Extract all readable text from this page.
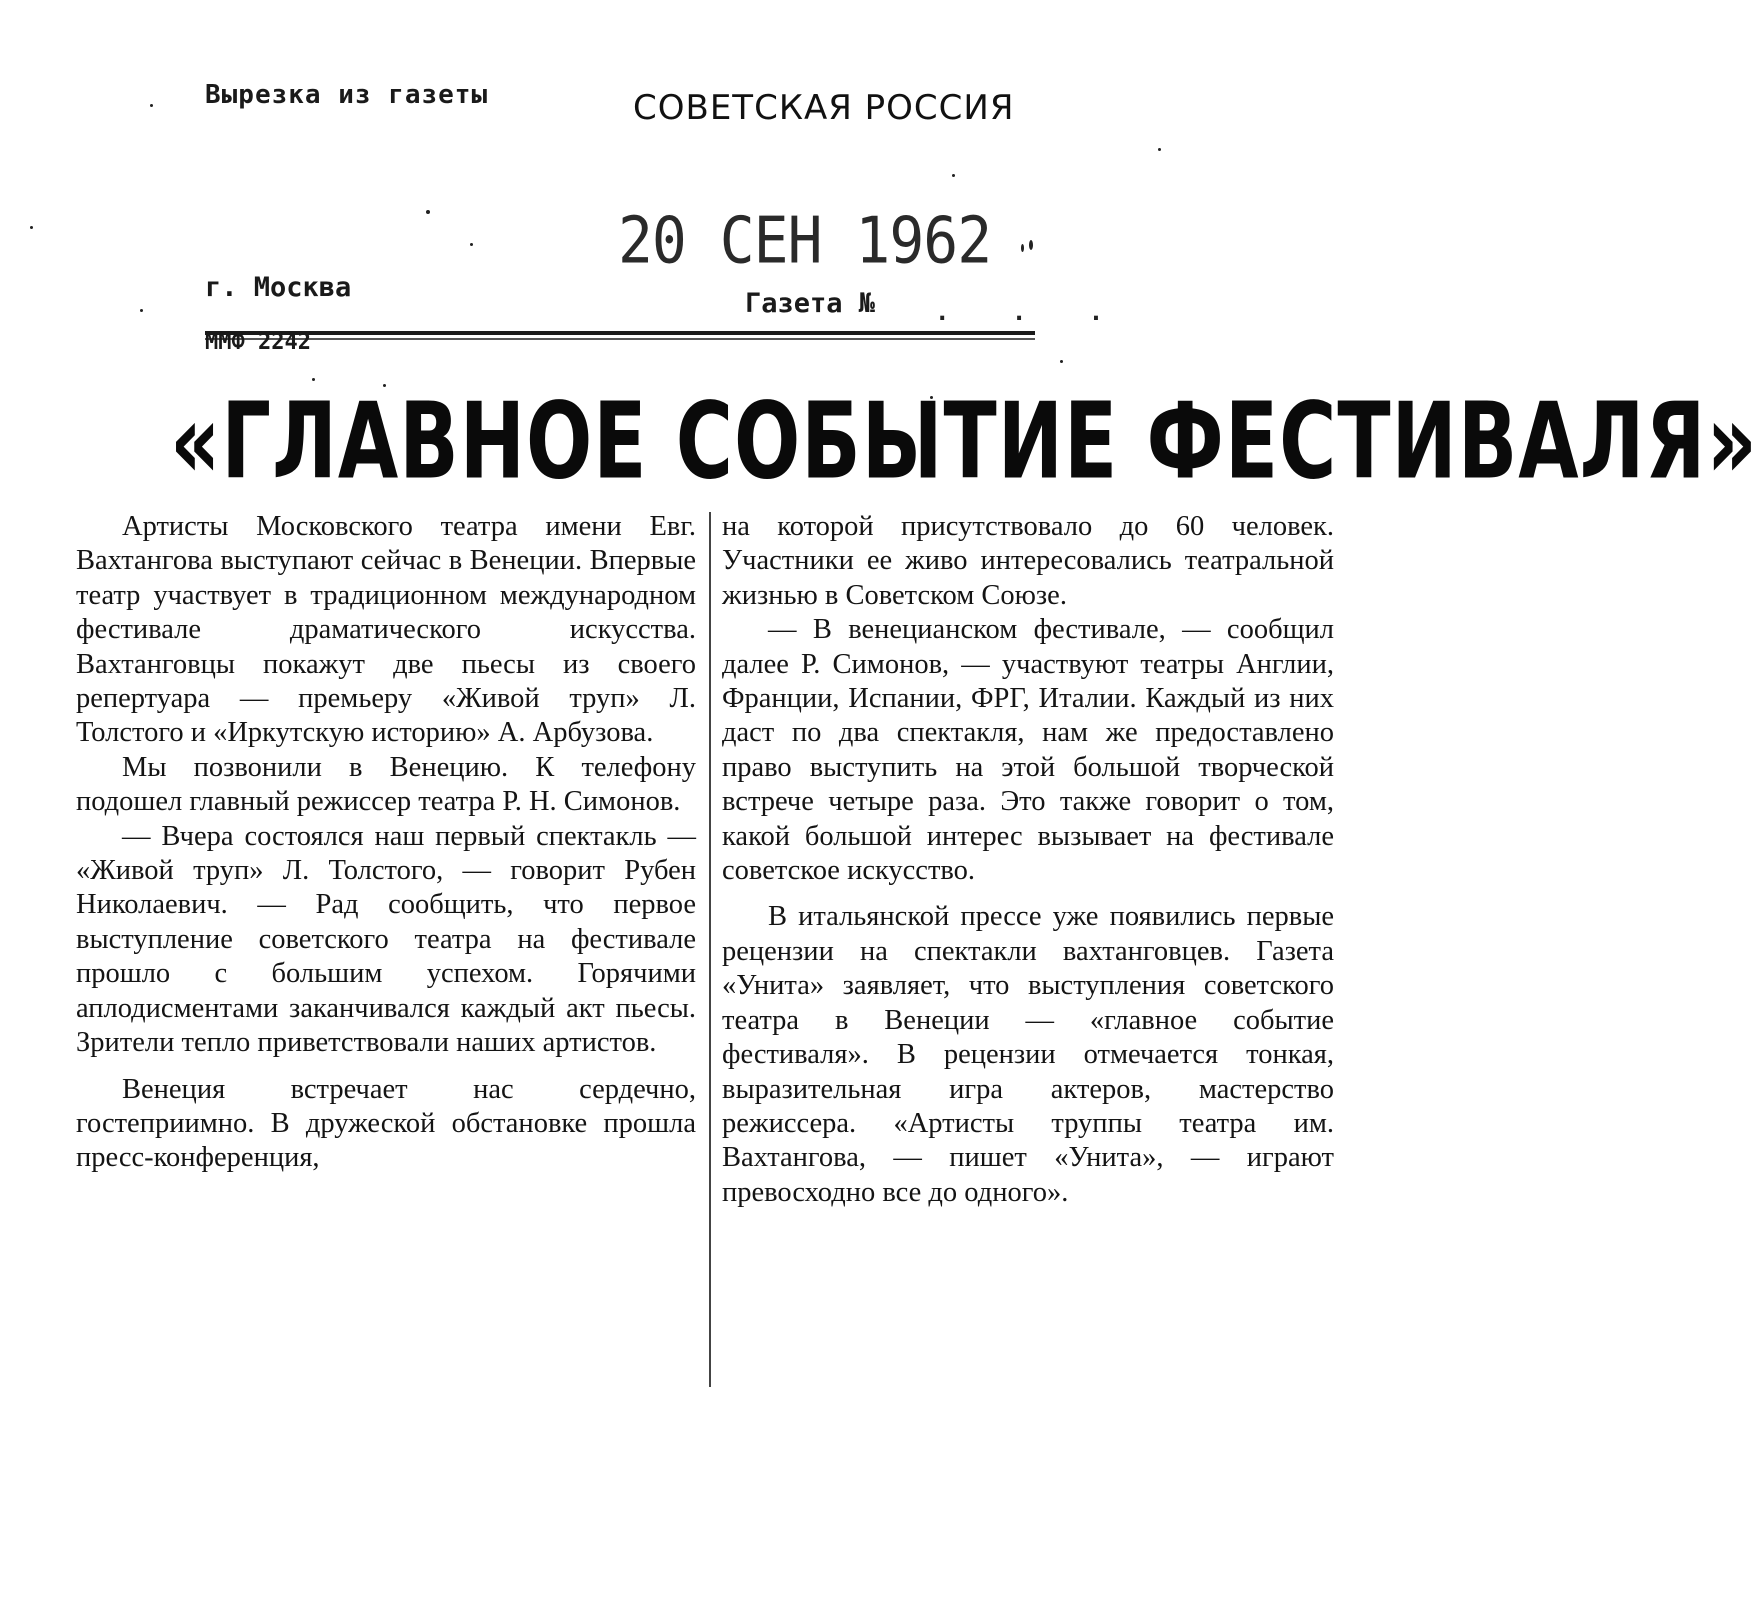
Вырезка из газеты	СОВЕТСКАЯ РОССИЯ
20 СЕН 1962
г. Москва
Газета № . . .
ММФ 2242
«ГЛАВНОЕ СОБЫТИЕ ФЕСТИВАЛЯ»

Артисты Московского театра имени Евг. Вахтангова выступают сейчас в Венеции. Впервые театр участвует в традиционном международном фестивале драматического искусства. Вахтанговцы покажут две пьесы из своего репертуара — премьеру «Живой труп» Л. Толстого и «Иркутскую историю» А. Арбузова.

Мы позвонили в Венецию. К телефону подошел главный режиссер театра Р. Н. Симонов.

— Вчера состоялся наш первый спектакль — «Живой труп» Л. Толстого, — говорит Рубен Николаевич. — Рад сообщить, что первое выступление советского театра на фестивале прошло с большим успехом. Горячими аплодисментами заканчивался каждый акт пьесы. Зрители тепло приветствовали наших артистов.

Венеция встречает нас сердечно, гостеприимно. В дружеской обстановке прошла пресс-конференция,

на которой присутствовало до 60 человек. Участники ее живо интересовались театральной жизнью в Советском Союзе.

— В венецианском фестивале, — сообщил далее Р. Симонов, — участвуют театры Англии, Франции, Испании, ФРГ, Италии. Каждый из них даст по два спектакля, нам же предоставлено право выступить на этой большой творческой встрече четыре раза. Это также говорит о том, какой большой интерес вызывает на фестивале советское искусство.

В итальянской прессе уже появились первые рецензии на спектакли вахтанговцев. Газета «Унита» заявляет, что выступления советского театра в Венеции — «главное событие фестиваля». В рецензии отмечается тонкая, выразительная игра актеров, мастерство режиссера. «Артисты труппы театра им. Вахтангова, — пишет «Унита», — играют превосходно все до одного».
